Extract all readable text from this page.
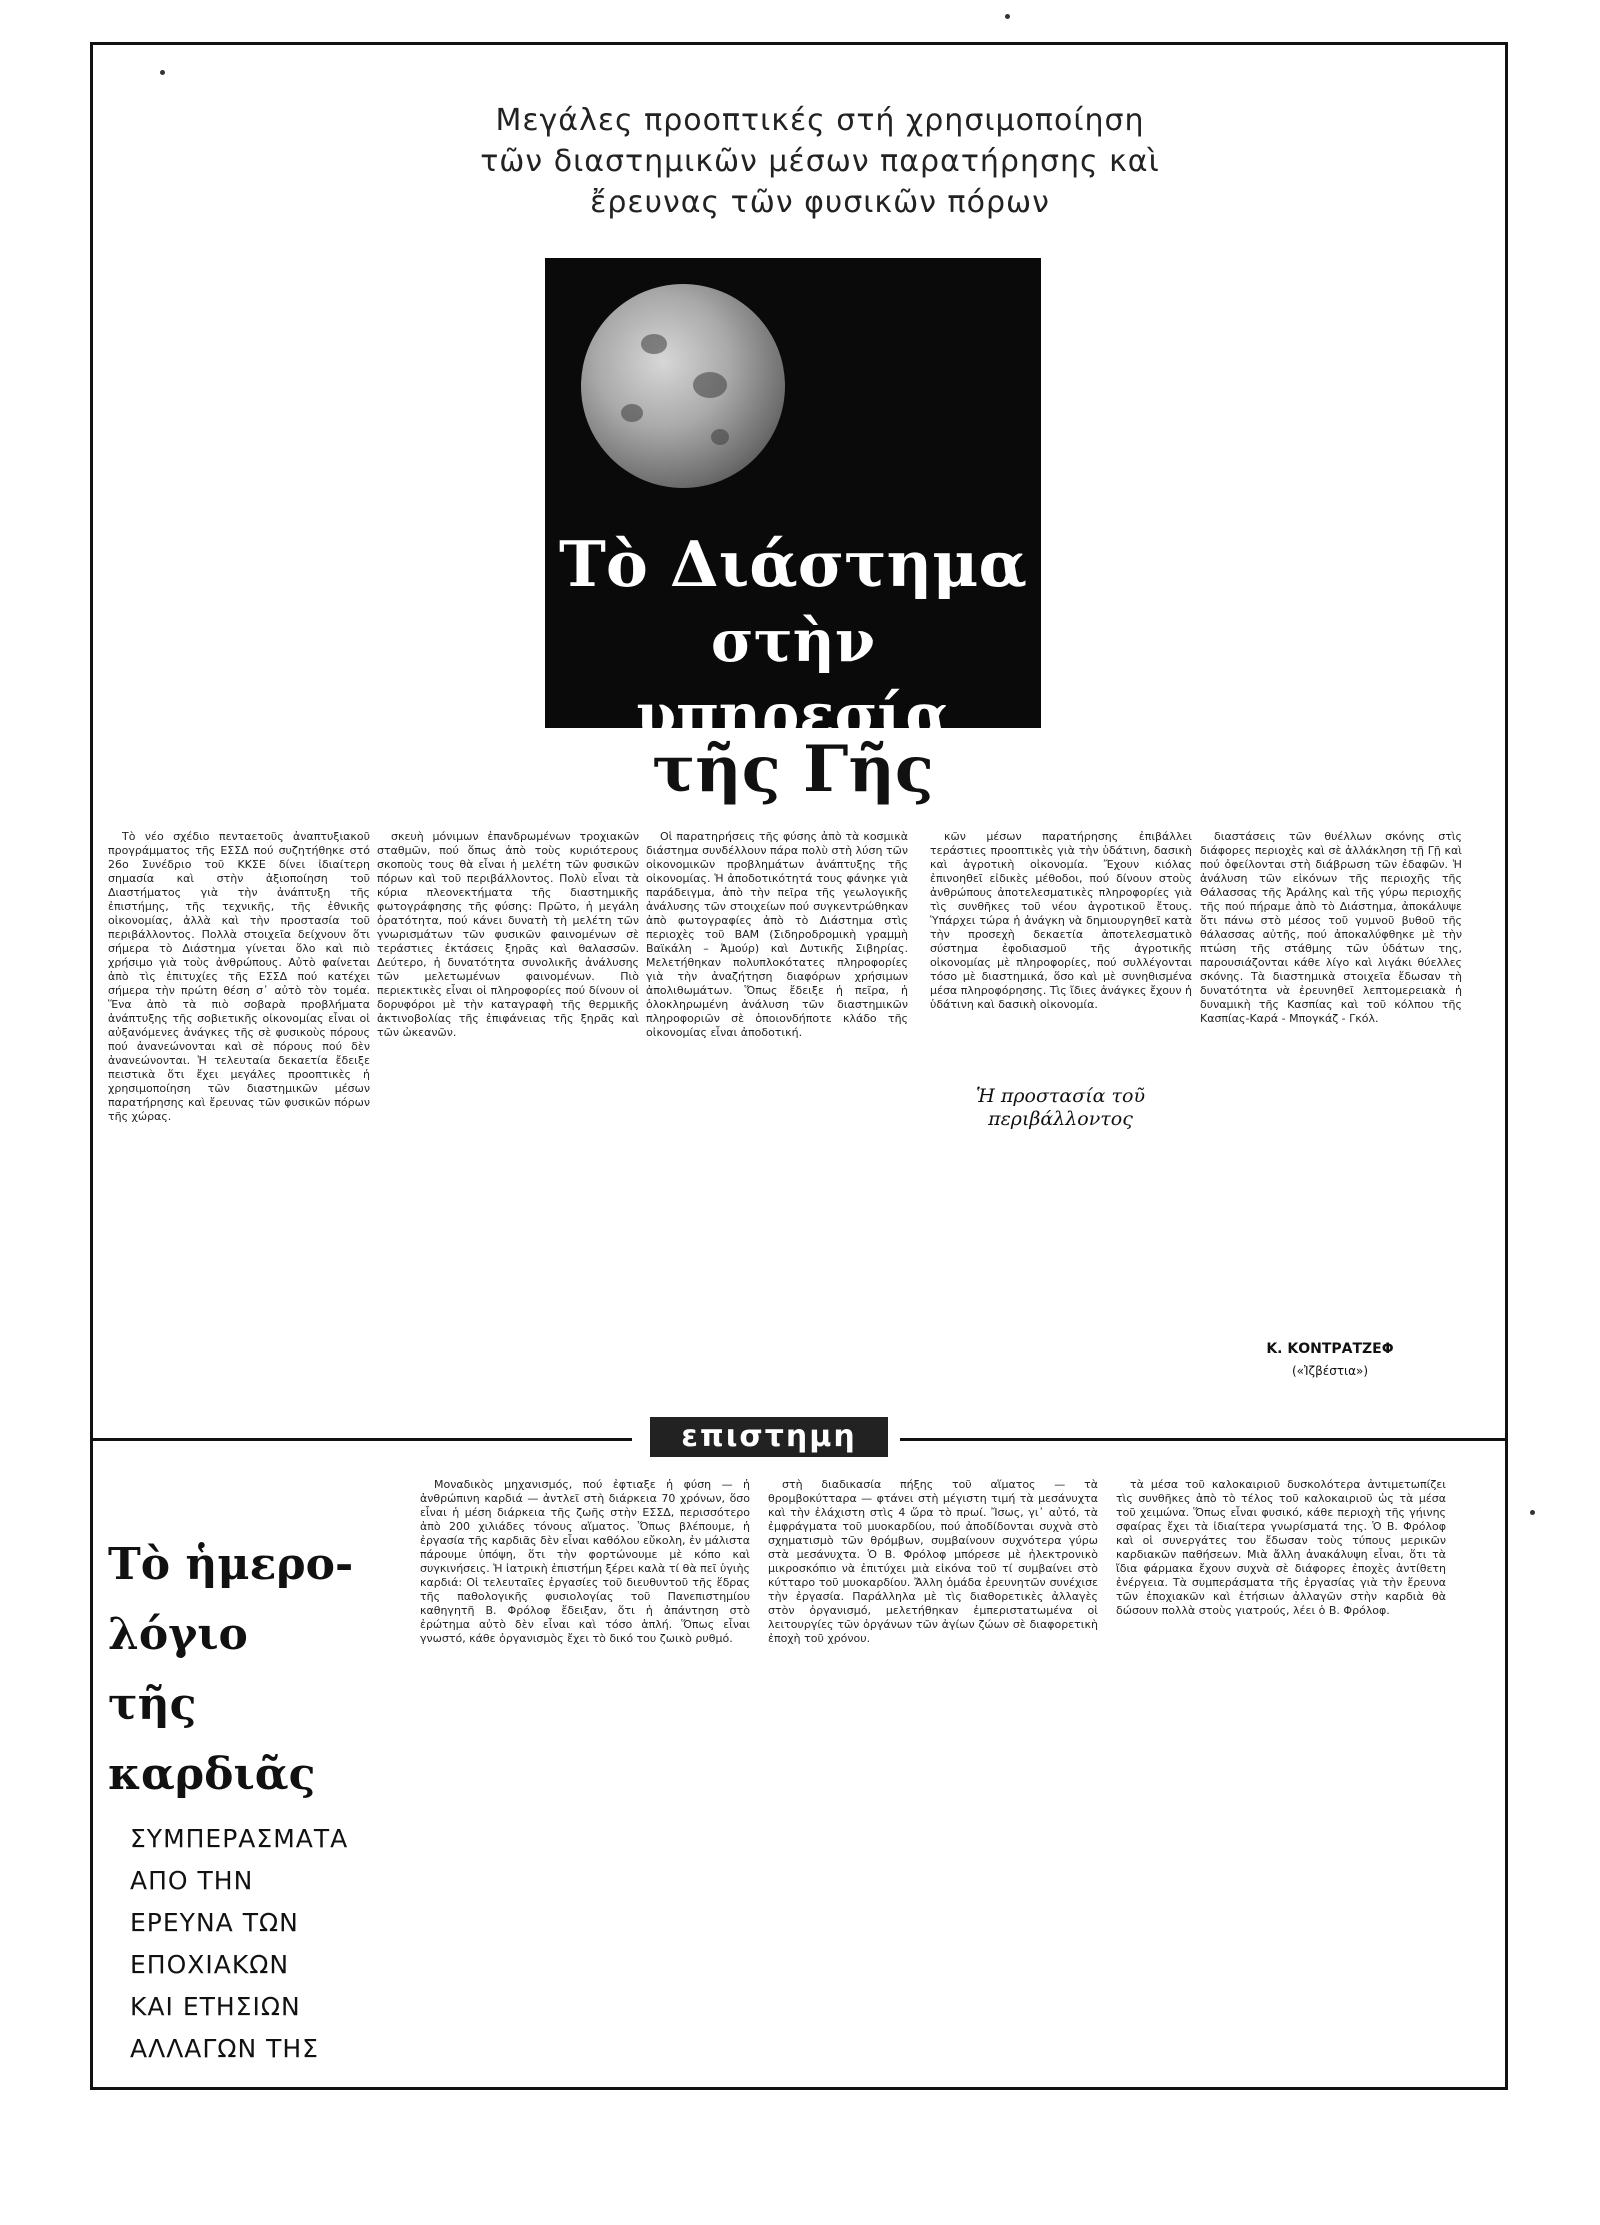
Μεγάλες προοπτικές στή χρησιμοποίηση τῶν διαστημικῶν μέσων παρατήρησης καὶ ἔρευνας τῶν φυσικῶν πόρων
Τὸ Διάστημα
στὴν υπηρεσία
τῆς Γῆς

Τὸ νέο σχέδιο πενταετοῦς ἀναπτυξιακοῦ προγράμματος τῆς ΕΣΣΔ πού συζητήθηκε στό 26ο Συνέδριο τοῦ ΚΚΣΕ δίνει ἰδιαίτερη σημασία καὶ στὴν ἀξιοποίηση τοῦ Διαστήματος γιὰ τὴν ἀνάπτυξη τῆς ἐπιστήμης, τῆς τεχνικῆς, τῆς ἐθνικῆς οἰκονομίας, ἀλλὰ καὶ τὴν προστασία τοῦ περιβάλλοντος. Πολλὰ στοιχεῖα δείχνουν ὅτι σήμερα τὸ Διάστημα γίνεται ὅλο καὶ πιὸ χρήσιμο γιὰ τοὺς ἀνθρώπους. Αὐτὸ φαίνεται ἀπὸ τὶς ἐπιτυχίες τῆς ΕΣΣΔ πού κατέχει σήμερα τὴν πρώτη θέση σ᾽ αὐτὸ τὸν τομέα. Ἕνα ἀπὸ τὰ πιὸ σοβαρὰ προβλήματα ἀνάπτυξης τῆς σοβιετικῆς οἰκονομίας εἶναι οἱ αὐξανόμενες ἀνάγκες τῆς σὲ φυσικοὺς πόρους πού ἀνανεώνονται καὶ σὲ πόρους πού δὲν ἀνανεώνονται. Ἡ τελευταία δεκαετία ἔδειξε πειστικὰ ὅτι ἔχει μεγάλες προοπτικὲς ἡ χρησιμοποίηση τῶν διαστημικῶν μέσων παρατήρησης καὶ ἔρευνας τῶν φυσικῶν πόρων τῆς χώρας.

σκευὴ μόνιμων ἐπανδρωμένων τροχιακῶν σταθμῶν, πού ὅπως ἀπὸ τοὺς κυριότερους σκοποὺς τους θὰ εἶναι ἡ μελέτη τῶν φυσικῶν πόρων καὶ τοῦ περιβάλλοντος. Πολὺ εἶναι τὰ κύρια πλεονεκτήματα τῆς διαστημικῆς φωτογράφησης τῆς φύσης: Πρῶτο, ἡ μεγάλη ὁρατότητα, πού κάνει δυνατὴ τὴ μελέτη τῶν γνωρισμάτων τῶν φυσικῶν φαινομένων σὲ τεράστιες ἐκτάσεις ξηρᾶς καὶ θαλασσῶν. Δεύτερο, ἡ δυνατότητα συνολικῆς ἀνάλυσης τῶν μελετωμένων φαινομένων. Πιὸ περιεκτικὲς εἶναι οἱ πληροφορίες πού δίνουν οἱ δορυφόροι μὲ τὴν καταγραφὴ τῆς θερμικῆς ἀκτινοβολίας τῆς ἐπιφάνειας τῆς ξηρᾶς καὶ τῶν ὠκεανῶν.

Οἱ παρατηρήσεις τῆς φύσης ἀπὸ τὰ κοσμικὰ διάστημα συνδέλλουν πάρα πολὺ στὴ λύση τῶν οἰκονομικῶν προβλημάτων ἀνάπτυξης τῆς οἰκονομίας. Ἡ ἀποδοτικότητά τους φάνηκε γιὰ παράδειγμα, ἀπὸ τὴν πεῖρα τῆς γεωλογικῆς ἀνάλυσης τῶν στοιχείων πού συγκεντρώθηκαν ἀπὸ φωτογραφίες ἀπὸ τὸ Διάστημα στὶς περιοχὲς τοῦ BAM (Σιδηροδρομικὴ γραμμὴ Βαϊκάλη – Ἀμούρ) καὶ Δυτικῆς Σιβηρίας. Μελετήθηκαν πολυπλοκότατες πληροφορίες γιὰ τὴν ἀναζήτηση διαφόρων χρήσιμων ἀπολιθωμάτων. Ὅπως ἔδειξε ἡ πεῖρα, ἡ ὁλοκληρωμένη ἀνάλυση τῶν διαστημικῶν πληροφοριῶν σὲ ὁποιονδήποτε κλάδο τῆς οἰκονομίας εἶναι ἀποδοτική.

κῶν μέσων παρατήρησης ἐπιβάλλει τεράστιες προοπτικὲς γιὰ τὴν ὑδάτινη, δασικὴ καὶ ἀγροτικὴ οἰκονομία. Ἔχουν κιόλας ἐπινοηθεῖ εἰδικὲς μέθοδοι, πού δίνουν στοὺς ἀνθρώπους ἀποτελεσματικὲς πληροφορίες γιὰ τὶς συνθῆκες τοῦ νέου ἀγροτικοῦ ἔτους. Ὑπάρχει τώρα ἡ ἀνάγκη νὰ δημιουργηθεῖ κατὰ τὴν προσεχὴ δεκαετία ἀποτελεσματικὸ σύστημα ἐφοδιασμοῦ τῆς ἀγροτικῆς οἰκονομίας μὲ πληροφορίες, πού συλλέγονται τόσο μὲ διαστημικά, ὅσο καὶ μὲ συνηθισμένα μέσα πληροφόρησης. Τὶς ἴδιες ἀνάγκες ἔχουν ἡ ὑδάτινη καὶ δασικὴ οἰκονομία.

Ἡ προστασία τοῦ περιβάλλοντος

διαστάσεις τῶν θυέλλων σκόνης στὶς διάφορες περιοχὲς καὶ σὲ ἀλλάκληση τῇ Γῇ καὶ πού ὀφείλονται στὴ διάβρωση τῶν ἐδαφῶν. Ἡ ἀνάλυση τῶν εἰκόνων τῆς περιοχῆς τῆς Θάλασσας τῆς Ἀράλης καὶ τῆς γύρω περιοχῆς τῆς πού πήραμε ἀπὸ τὸ Διάστημα, ἀποκάλυψε ὅτι πάνω στὸ μέσος τοῦ γυμνοῦ βυθοῦ τῆς θάλασσας αὐτῆς, πού ἀποκαλύφθηκε μὲ τὴν πτώση τῆς στάθμης τῶν ὑδάτων της, παρουσιάζονται κάθε λίγο καὶ λιγάκι θύελλες σκόνης. Τὰ διαστημικὰ στοιχεῖα ἔδωσαν τὴ δυνατότητα νὰ ἐρευνηθεῖ λεπτομερειακὰ ἡ δυναμικὴ τῆς Κασπίας καὶ τοῦ κόλπου τῆς Κασπίας-Καρά - Μπογκάζ - Γκόλ.

Κ. ΚΟΝΤΡΑΤΖΕΦ
(«Ἰζβέστια»)
επιστημη
Τὸ ἡμερο-
λόγιο
τῆς
καρδιᾶς
ΣΥΜΠΕΡΑΣΜΑΤΑ
ΑΠΟ ΤΗΝ
ΕΡΕΥΝΑ ΤΩΝ
ΕΠΟΧΙΑΚΩΝ
ΚΑΙ ΕΤΗΣΙΩΝ
ΑΛΛΑΓΩΝ ΤΗΣ

Μοναδικὸς μηχανισμός, πού ἐφτιαξε ἡ φύση — ἡ ἀνθρώπινη καρδιά — ἀντλεῖ στὴ διάρκεια 70 χρόνων, ὅσο εἶναι ἡ μέση διάρκεια τῆς ζωῆς στὴν ΕΣΣΔ, περισσότερο ἀπὸ 200 χιλιάδες τόνους αἵματος. Ὅπως βλέπουμε, ἡ ἐργασία τῆς καρδιᾶς δὲν εἶναι καθόλου εὔκολη, ἐν μάλιστα πάρουμε ὑπόψη, ὅτι τὴν φορτώνουμε μὲ κόπο καὶ συγκινήσεις. Ἡ ἰατρικὴ ἐπιστήμη ξέρει καλὰ τί θὰ πεῖ ὑγιὴς καρδιά: Οἱ τελευταῖες ἐργασίες τοῦ διευθυντοῦ τῆς ἕδρας τῆς παθολογικῆς φυσιολογίας τοῦ Πανεπιστημίου καθηγητῆ Β. Φρόλοφ ἔδειξαν, ὅτι ἡ ἀπάντηση στὸ ἐρώτημα αὐτὸ δὲν εἶναι καὶ τόσο ἁπλή. Ὅπως εἶναι γνωστό, κάθε ὀργανισμὸς ἔχει τὸ δικό του ζωικὸ ρυθμό.

στὴ διαδικασία πήξης τοῦ αἵματος — τὰ θρομβοκύτταρα — φτάνει στὴ μέγιστη τιμή τὰ μεσάνυχτα καὶ τὴν ἐλάχιστη στὶς 4 ὥρα τὸ πρωί. Ἴσως, γι᾽ αὐτό, τὰ ἐμφράγματα τοῦ μυοκαρδίου, πού ἀποδίδονται συχνὰ στὸ σχηματισμὸ τῶν θρόμβων, συμβαίνουν συχνότερα γύρω στὰ μεσάνυχτα. Ὁ Β. Φρόλοφ μπόρεσε μὲ ἠλεκτρονικὸ μικροσκόπιο νὰ ἐπιτύχει μιὰ εἰκόνα τοῦ τί συμβαίνει στὸ κύτταρο τοῦ μυοκαρδίου. Ἄλλη ὁμάδα ἐρευνητῶν συνέχισε τὴν ἐργασία. Παράλληλα μὲ τὶς διαθορετικὲς ἀλλαγὲς στὸν ὀργανισμό, μελετήθηκαν ἐμπεριστατωμένα οἱ λειτουργίες τῶν ὀργάνων τῶν ἀγίων ζώων σὲ διαφορετικὴ ἐποχὴ τοῦ χρόνου.

τὰ μέσα τοῦ καλοκαιριοῦ δυσκολότερα ἀντιμετωπίζει τὶς συνθῆκες ἀπὸ τὸ τέλος τοῦ καλοκαιριοῦ ὡς τὰ μέσα τοῦ χειμώνα. Ὅπως εἶναι φυσικό, κάθε περιοχὴ τῆς γήινης σφαίρας ἔχει τὰ ἰδιαίτερα γνωρίσματά της. Ὁ Β. Φρόλοφ καὶ οἱ συνεργάτες του ἔδωσαν τοὺς τύπους μερικῶν καρδιακῶν παθήσεων. Μιὰ ἄλλη ἀνακάλυψη εἶναι, ὅτι τὰ ἴδια φάρμακα ἔχουν συχνὰ σὲ διάφορες ἐποχὲς ἀντίθετη ἐνέργεια. Τὰ συμπεράσματα τῆς ἐργασίας γιὰ τὴν ἔρευνα τῶν ἐποχιακῶν καὶ ἐτήσιων ἀλλαγῶν στὴν καρδιὰ θὰ δώσουν πολλὰ στοὺς γιατρούς, λέει ὁ Β. Φρόλοφ.
